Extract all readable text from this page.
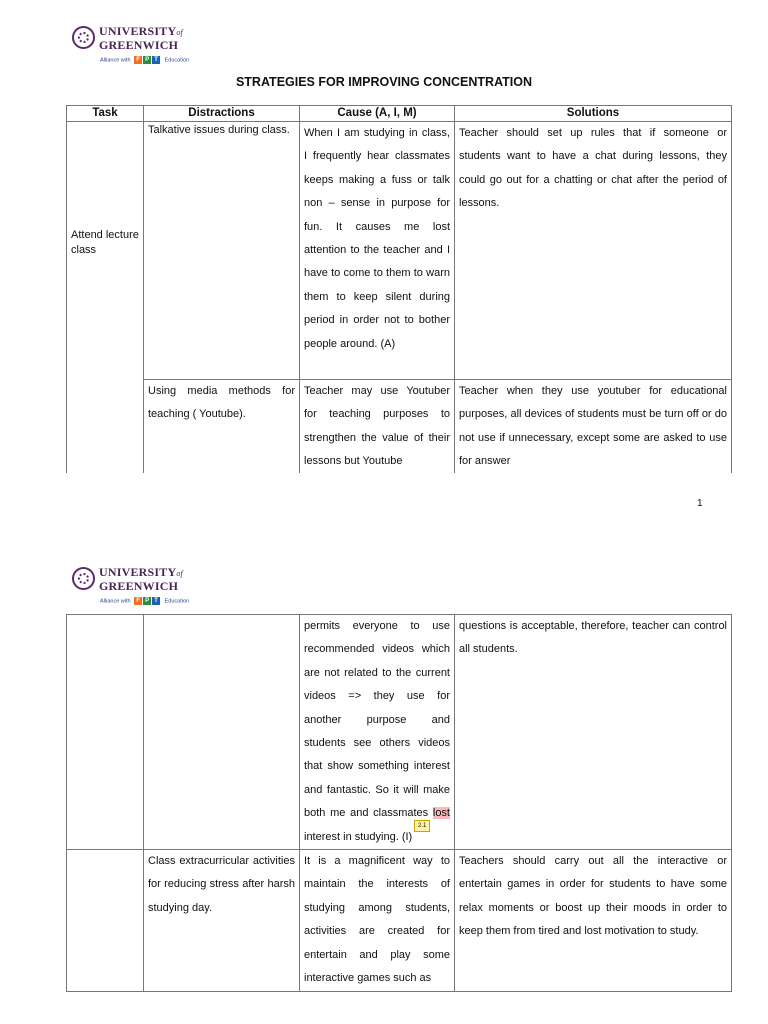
UNIVERSITYof
GREENWICH
Alliance with F P T Education
STRATEGIES FOR IMPROVING CONCENTRATION
Task	Distractions	Cause (A, I, M)	Solutions
Attend lecture class	Talkative issues during class.	When I am studying in class, I frequently hear classmates keeps making a fuss or talk non – sense in purpose for fun. It causes me lost attention to the teacher and I have to come to them to warn them to keep silent during period in order not to bother people around. (A)	Teacher should set up rules that if someone or students want to have a chat during lessons, they could go out for a chatting or chat after the period of lessons.
	Using media methods for teaching ( Youtube).	Teacher may use Youtuber for teaching purposes to strengthen the value of their lessons but Youtube	Teacher when they use youtuber for educational purposes, all devices of students must be turn off or do not use if unnecessary, except some are asked to use for answer
1
UNIVERSITYof
GREENWICH
Alliance with F P T Education
		permits everyone to use recommended videos which are not related to the current videos => they use for another purpose and students see others videos that show something interest and fantastic. So it will make both me and classmates lost interest in studying. (I)2.1	questions is acceptable, therefore, teacher can control all students.
	Class extracurricular activities for reducing stress after harsh studying day.	It is a magnificent way to maintain the interests of studying among students, activities are created for entertain and play some interactive games such as	Teachers should carry out all the interactive or entertain games in order for students to have some relax moments or boost up their moods in order to keep them from tired and lost motivation to study.
